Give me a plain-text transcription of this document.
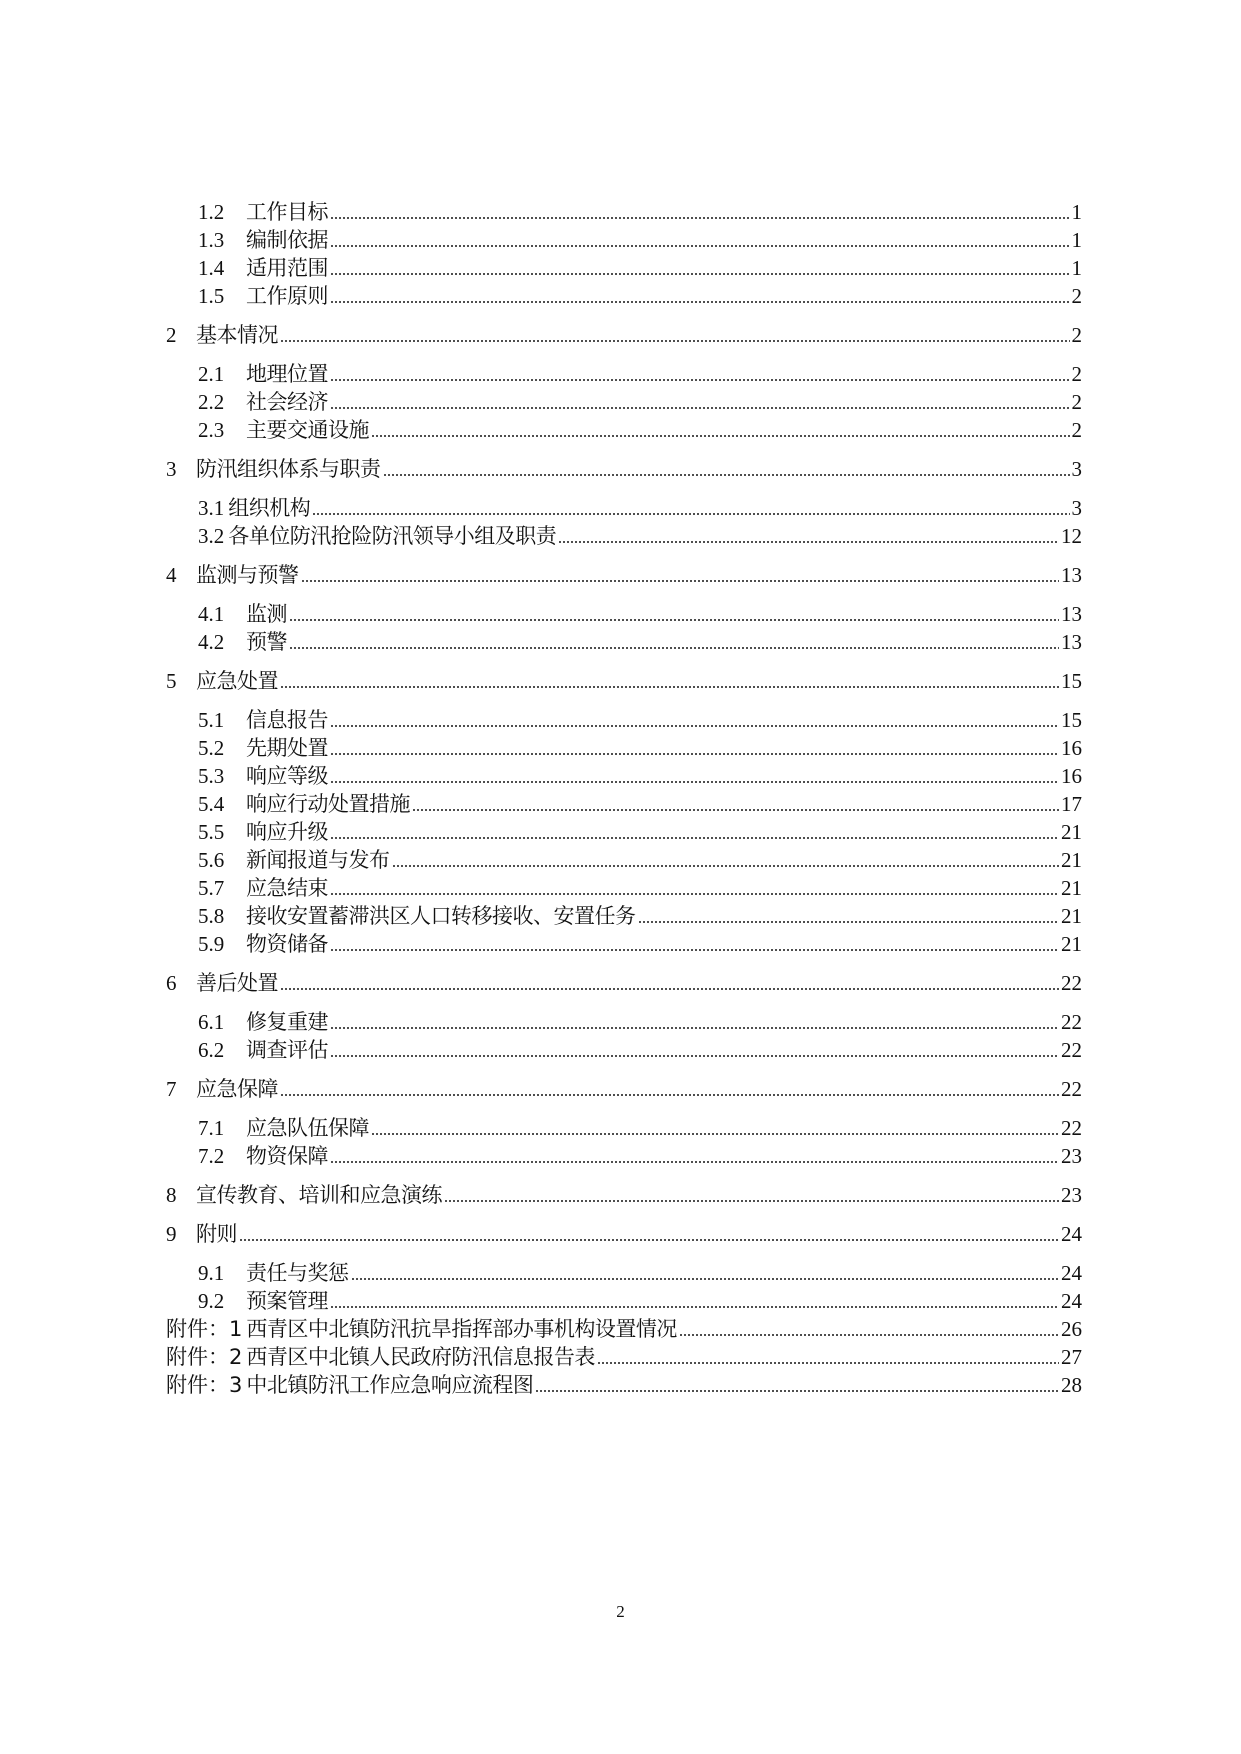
1.2	工作目标	1
1.3	编制依据	1
1.4	适用范围	1
1.5	工作原则	2
2 基本情况	2
2.1	地理位置	2
2.2	社会经济	2
2.3	主要交通设施	2
3 防汛组织体系与职责	3
3.1 组织机构	3
3.2 各单位防汛抢险防汛领导小组及职责	12
4 监测与预警	13
4.1	监测	13
4.2	预警	13
5 应急处置	15
5.1	信息报告	15
5.2	先期处置	16
5.3	响应等级	16
5.4	响应行动处置措施	17
5.5	响应升级	21
5.6	新闻报道与发布	21
5.7	应急结束	21
5.8	接收安置蓄滞洪区人口转移接收、安置任务	21
5.9	物资储备	21
6 善后处置	22
6.1	修复重建	22
6.2	调查评估	22
7 应急保障	22
7.1	应急队伍保障	22
7.2	物资保障	23
8 宣传教育、培训和应急演练	23
9 附则	24
9.1	责任与奖惩	24
9.2	预案管理	24
附件：1 西青区中北镇防汛抗旱指挥部办事机构设置情况	26
附件：2 西青区中北镇人民政府防汛信息报告表	27
附件：3 中北镇防汛工作应急响应流程图	28
2
